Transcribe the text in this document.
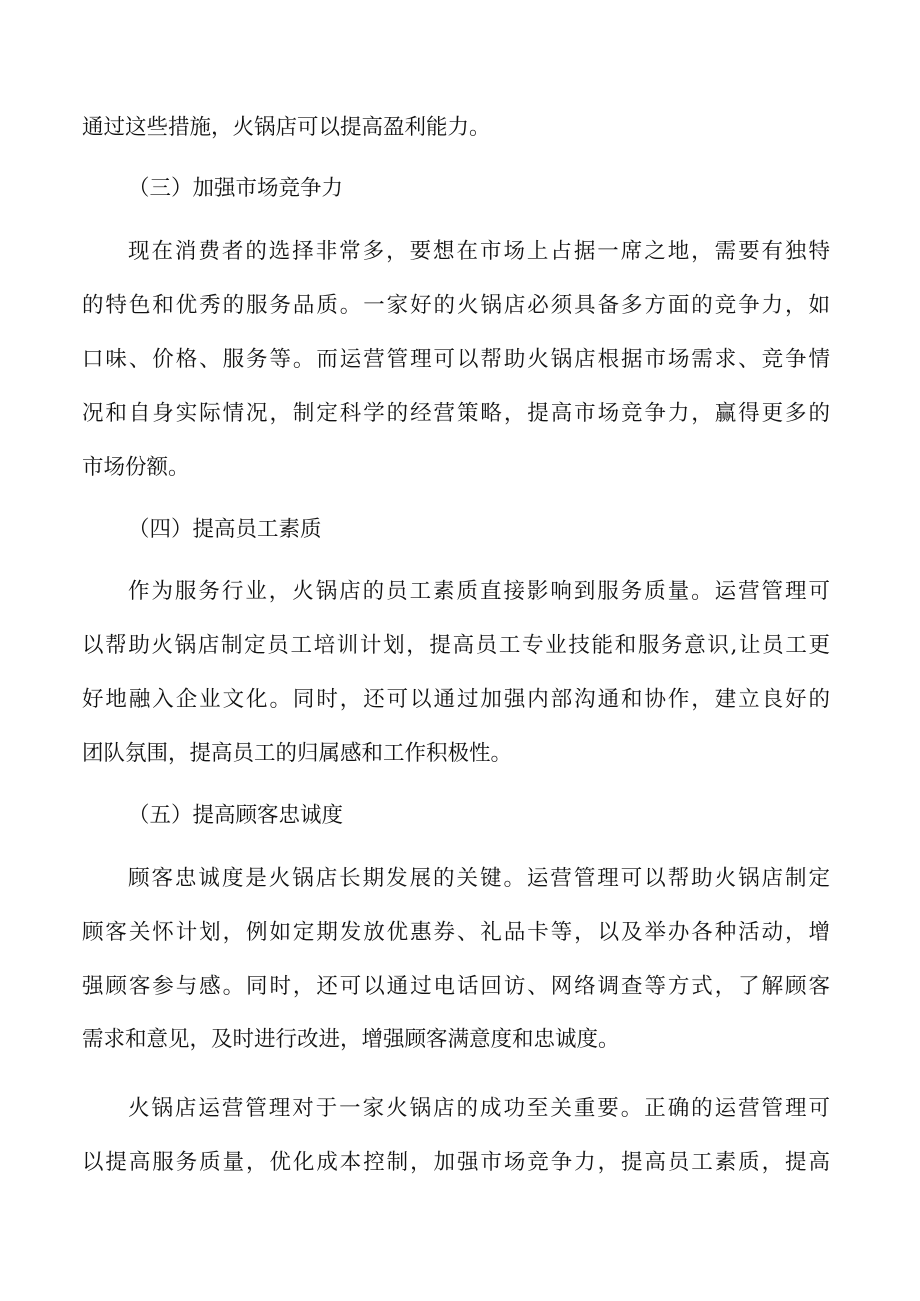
通过这些措施，火锅店可以提高盈利能力。
（三）加强市场竞争力
现在消费者的选择非常多，要想在市场上占据一席之地，需要有独特
的特色和优秀的服务品质。一家好的火锅店必须具备多方面的竞争力，如
口味、价格、服务等。而运营管理可以帮助火锅店根据市场需求、竞争情
况和自身实际情况，制定科学的经营策略，提高市场竞争力，赢得更多的
市场份额。
（四）提高员工素质
作为服务行业，火锅店的员工素质直接影响到服务质量。运营管理可
以帮助火锅店制定员工培训计划，提高员工专业技能和服务意识,让员工更
好地融入企业文化。同时，还可以通过加强内部沟通和协作，建立良好的
团队氛围，提高员工的归属感和工作积极性。
（五）提高顾客忠诚度
顾客忠诚度是火锅店长期发展的关键。运营管理可以帮助火锅店制定
顾客关怀计划，例如定期发放优惠券、礼品卡等，以及举办各种活动，增
强顾客参与感。同时，还可以通过电话回访、网络调查等方式，了解顾客
需求和意见，及时进行改进，增强顾客满意度和忠诚度。
火锅店运营管理对于一家火锅店的成功至关重要。正确的运营管理可
以提高服务质量，优化成本控制，加强市场竞争力，提高员工素质，提高
